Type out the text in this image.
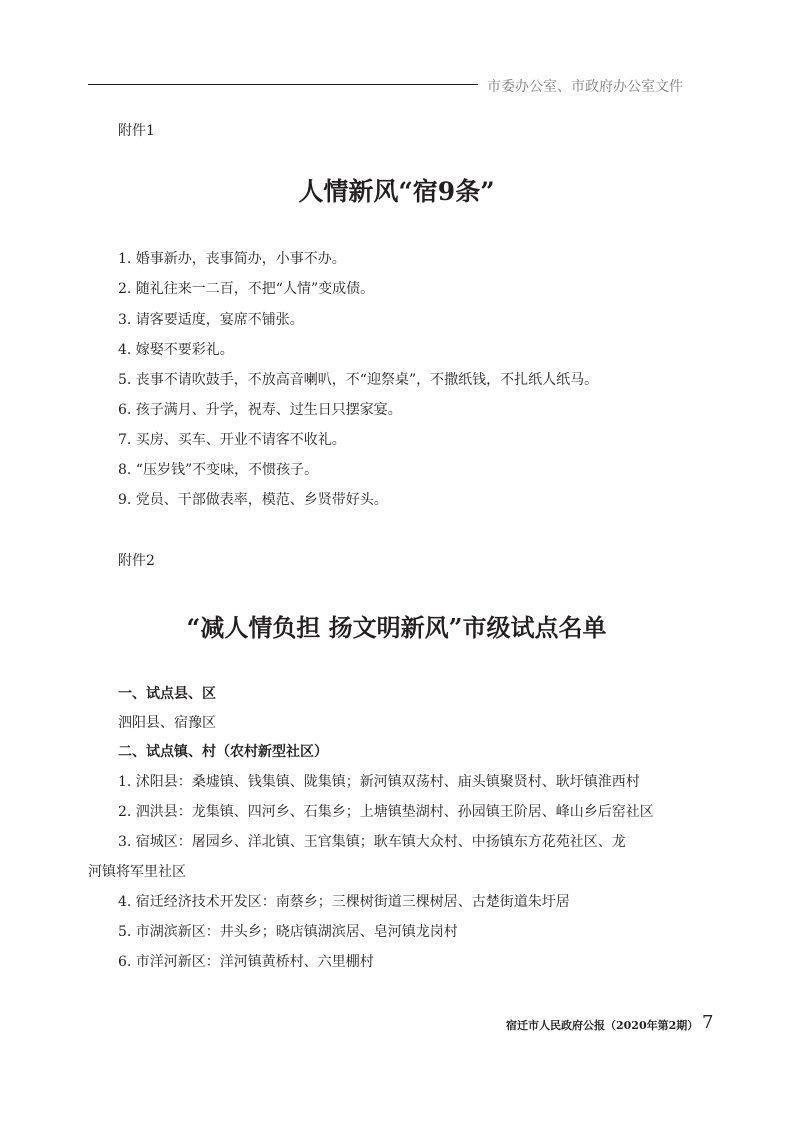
市委办公室、市政府办公室文件
附件1
人情新风“宿9条”
1. 婚事新办，丧事简办，小事不办。
2. 随礼往来一二百，不把“人情”变成债。
3. 请客要适度，宴席不铺张。
4. 嫁娶不要彩礼。
5. 丧事不请吹鼓手，不放高音喇叭，不“迎祭桌”，不撒纸钱，不扎纸人纸马。
6. 孩子满月、升学，祝寿、过生日只摆家宴。
7. 买房、买车、开业不请客不收礼。
8. “压岁钱”不变味，不惯孩子。
9. 党员、干部做表率，模范、乡贤带好头。
附件2
“减人情负担 扬文明新风”市级试点名单
一、试点县、区
泗阳县、宿豫区
二、试点镇、村（农村新型社区）
1. 沭阳县：桑墟镇、钱集镇、陇集镇；新河镇双荡村、庙头镇聚贤村、耿圩镇淮西村
2. 泗洪县：龙集镇、四河乡、石集乡；上塘镇垫湖村、孙园镇王阶居、峰山乡后窑社区
3. 宿城区：屠园乡、洋北镇、王官集镇；耿车镇大众村、中扬镇东方花苑社区、龙
河镇将军里社区
4. 宿迁经济技术开发区：南蔡乡；三棵树街道三棵树居、古楚街道朱圩居
5. 市湖滨新区：井头乡；晓店镇湖滨居、皂河镇龙岗村
6. 市洋河新区：洋河镇黄桥村、六里棚村
宿迁市人民政府公报（2020年第2期） 7
